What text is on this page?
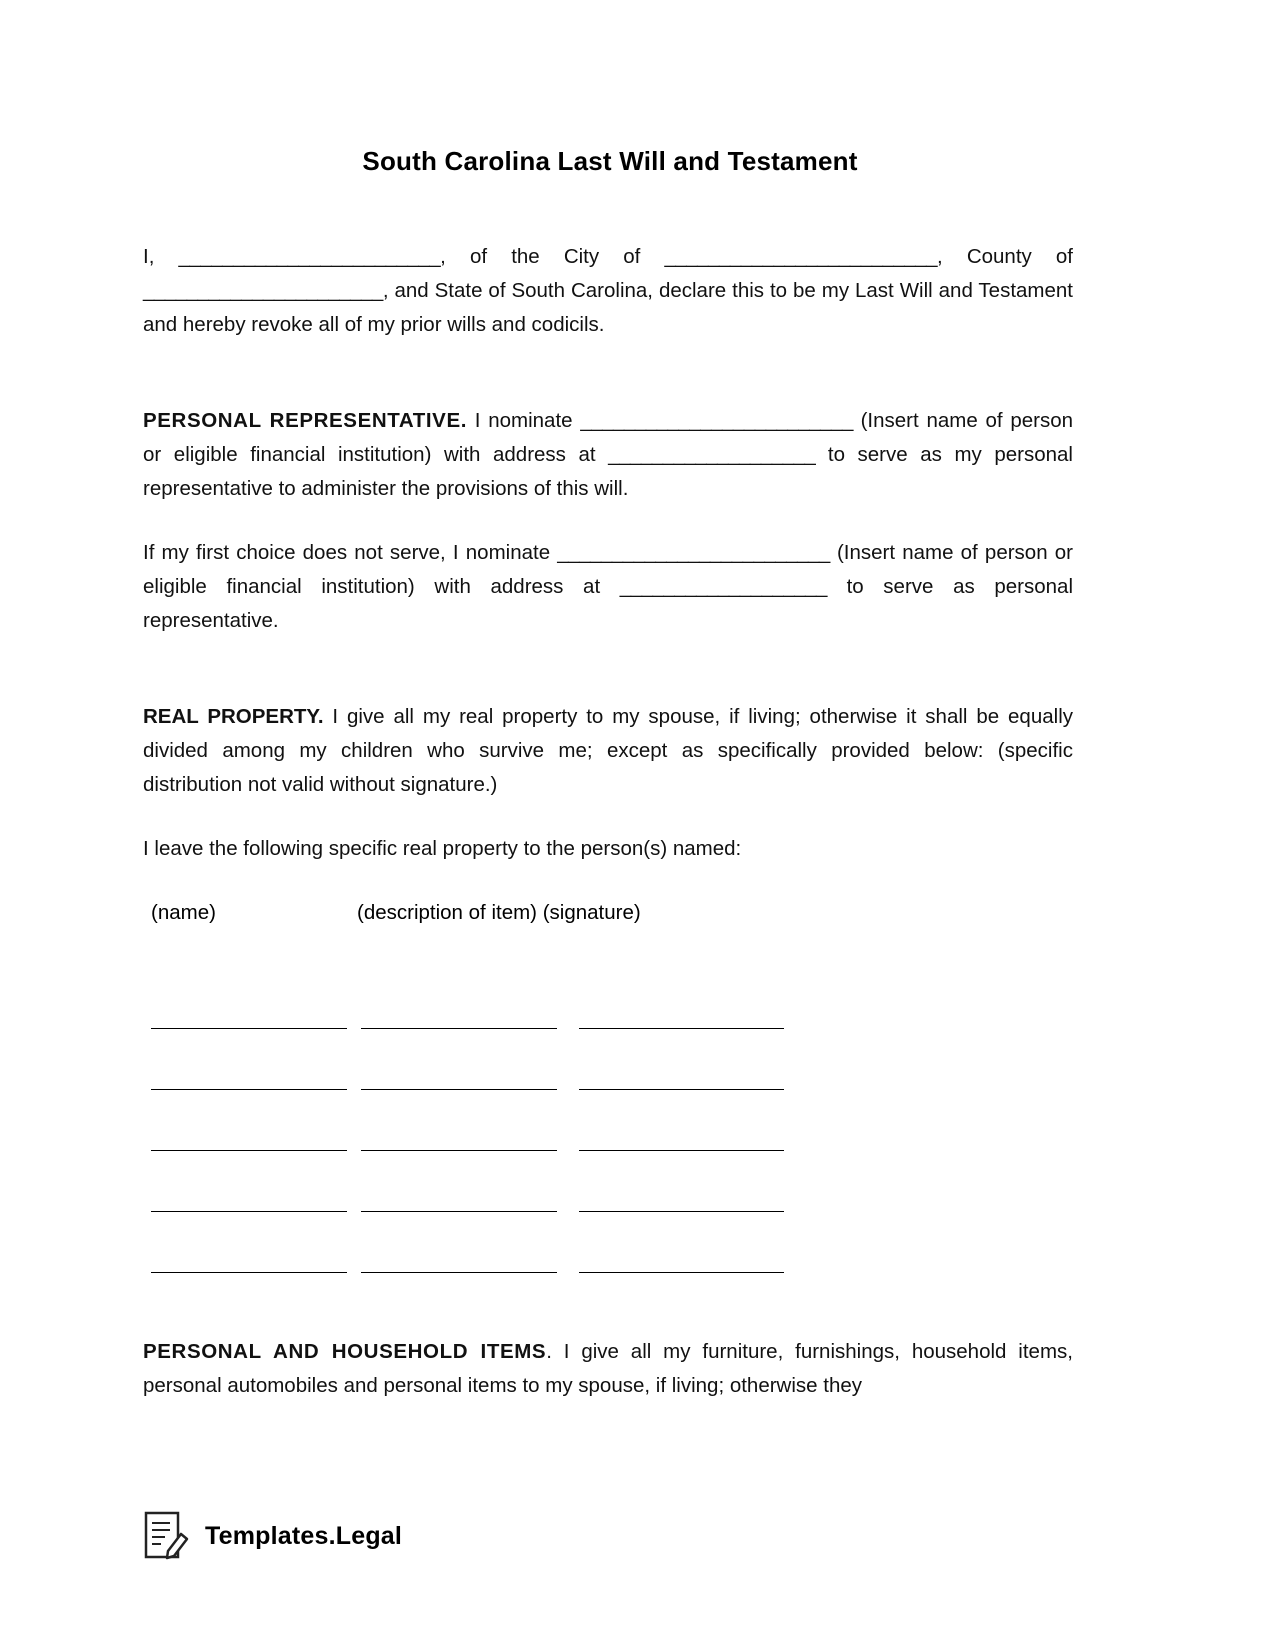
South Carolina Last Will and Testament

I, ________________________, of the City of _________________________, County of ______________________, and State of South Carolina, declare this to be my Last Will and Testament and hereby revoke all of my prior wills and codicils.

PERSONAL REPRESENTATIVE. I nominate _________________________ (Insert name of person or eligible financial institution) with address at ___________________ to serve as my personal representative to administer the provisions of this will.

If my first choice does not serve, I nominate _________________________ (Insert name of person or eligible financial institution) with address at ___________________ to serve as personal representative.

REAL PROPERTY. I give all my real property to my spouse, if living; otherwise it shall be equally divided among my children who survive me; except as specifically provided below: (specific distribution not valid without signature.)

I leave the following specific real property to the person(s) named:

(name)	(description of item) (signature)

PERSONAL AND HOUSEHOLD ITEMS. I give all my furniture, furnishings, household items, personal automobiles and personal items to my spouse, if living; otherwise they

Templates.Legal
